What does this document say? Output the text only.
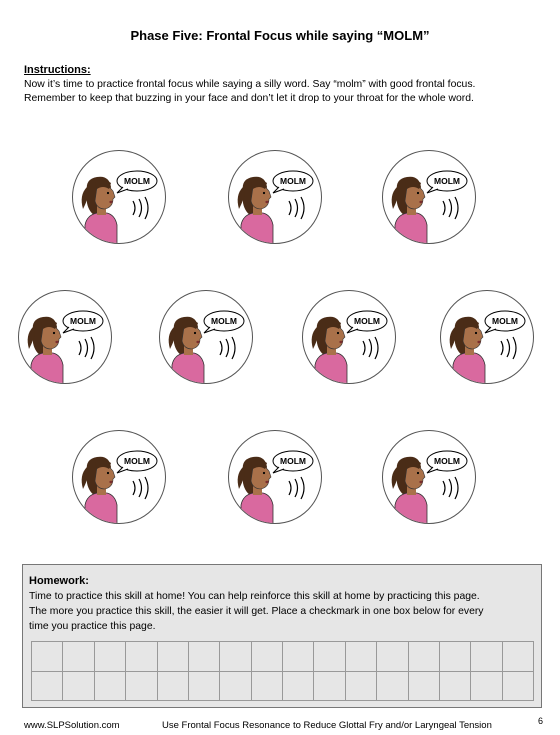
Phase Five: Frontal Focus while saying “MOLM”
Instructions:
Now it’s time to practice frontal focus while saying a silly word. Say “molm” with good frontal focus.
Remember to keep that buzzing in your face and don’t let it drop to your throat for the whole word.
MOLM	MOLM	MOLM
MOLM	MOLM	MOLM	MOLM
MOLM	MOLM	MOLM
Homework:
Time to practice this skill at home! You can help reinforce this skill at home by practicing this page.
The more you practice this skill, the easier it will get. Place a checkmark in one box below for every
time you practice this page.
www.SLPSolution.com	Use Frontal Focus Resonance to Reduce Glottal Fry and/or Laryngeal Tension	6
